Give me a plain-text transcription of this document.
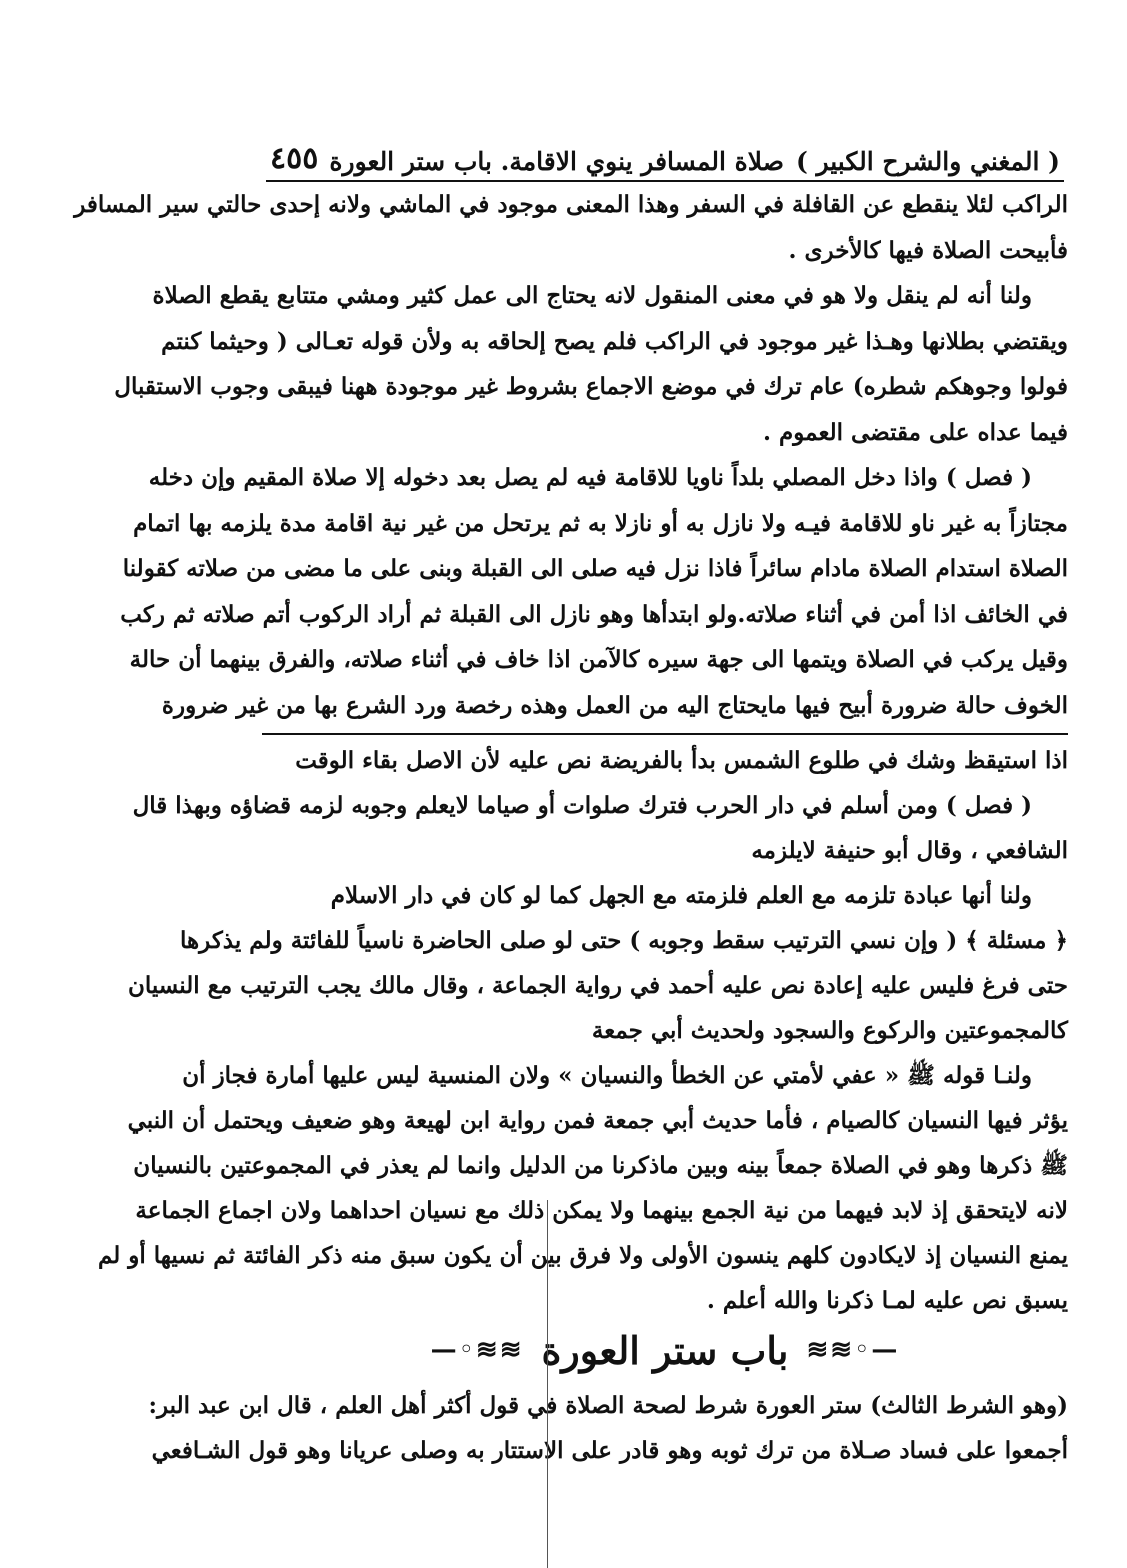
( المغني والشرح الكبير )
صلاة المسافر ينوي الاقامة. باب ستر العورة
٤٥٥
الراكب لئلا ينقطع عن القافلة في السفر وهذا المعنى موجود في الماشي ولانه إحدى حالتي سير المسافر
فأبيحت الصلاة فيها كالأخرى .
ولنا أنه لم ينقل ولا هو في معنى المنقول لانه يحتاج الى عمل كثير ومشي متتابع يقطع الصلاة
ويقتضي بطلانها وهـذا غير موجود في الراكب فلم يصح إلحاقه به ولأن قوله تعـالى ( وحيثما كنتم
فولوا وجوهكم شطره) عام ترك في موضع الاجماع بشروط غير موجودة ههنا فيبقى وجوب الاستقبال
فيما عداه على مقتضى العموم .
( فصل ) واذا دخل المصلي بلداً ناويا للاقامة فيه لم يصل بعد دخوله إلا صلاة المقيم وإن دخله
مجتازاً به غير ناو للاقامة فيـه ولا نازل به أو نازلا به ثم يرتحل من غير نية اقامة مدة يلزمه بها اتمام
الصلاة استدام الصلاة مادام سائراً فاذا نزل فيه صلى الى القبلة وبنى على ما مضى من صلاته كقولنا
في الخائف اذا أمن في أثناء صلاته.ولو ابتدأها وهو نازل الى القبلة ثم أراد الركوب أتم صلاته ثم ركب
وقيل يركب في الصلاة ويتمها الى جهة سيره كالآمن اذا خاف في أثناء صلاته، والفرق بينهما أن حالة
الخوف حالة ضرورة أبيح فيها مايحتاج اليه من العمل وهذه رخصة ورد الشرع بها من غير ضرورة
اذا استيقظ وشك في طلوع الشمس بدأ بالفريضة نص عليه لأن الاصل بقاء الوقت
( فصل ) ومن أسلم في دار الحرب فترك صلوات أو صياما لايعلم وجوبه لزمه قضاؤه وبهذا قال
الشافعي ، وقال أبو حنيفة لايلزمه
ولنا أنها عبادة تلزمه مع العلم فلزمته مع الجهل كما لو كان في دار الاسلام
﴿ مسئلة ﴾ ( وإن نسي الترتيب سقط وجوبه ) حتى لو صلى الحاضرة ناسياً للفائتة ولم يذكرها
حتى فرغ فليس عليه إعادة نص عليه أحمد في رواية الجماعة ، وقال مالك يجب الترتيب مع النسيان
كالمجموعتين والركوع والسجود ولحديث أبي جمعة
ولنـا قوله ﷺ « عفي لأمتي عن الخطأ والنسيان » ولان المنسية ليس عليها أمارة فجاز أن
يؤثر فيها النسيان كالصيام ، فأما حديث أبي جمعة فمن رواية ابن لهيعة وهو ضعيف ويحتمل أن النبي
ﷺ ذكرها وهو في الصلاة جمعاً بينه وبين ماذكرنا من الدليل وانما لم يعذر في المجموعتين بالنسيان
لانه لايتحقق إذ لابد فيهما من نية الجمع بينهما ولا يمكن ذلك مع نسيان احداهما ولان اجماع الجماعة
يمنع النسيان إذ لايكادون كلهم ينسون الأولى ولا فرق بين أن يكون سبق منه ذكر الفائتة ثم نسيها أو لم
يسبق نص عليه لمـا ذكرنا والله أعلم .
—◦≋≋
باب ستر العورة
≋≋◦—
(وهو الشرط الثالث) ستر العورة شرط لصحة الصلاة في قول أكثر أهل العلم ، قال ابن عبد البر:
أجمعوا على فساد صـلاة من ترك ثوبه وهو قادر على الاستتار به وصلى عريانا وهو قول الشـافعي
